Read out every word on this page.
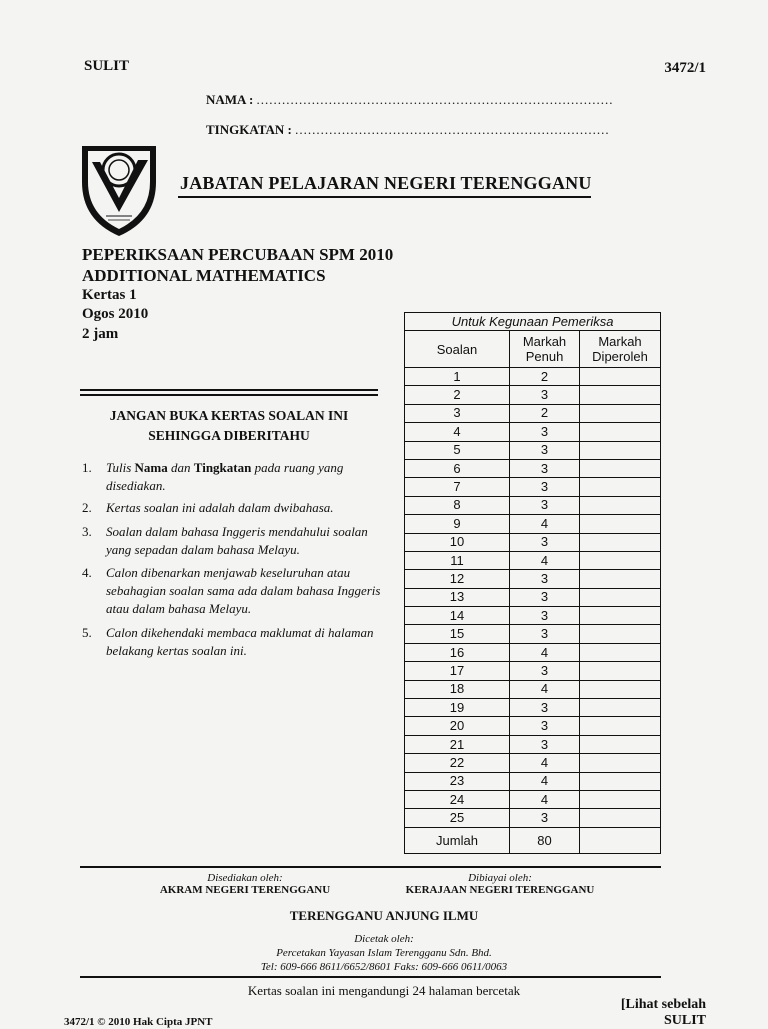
SULIT	3472/1
NAMA : ....................................................................................
TINGKATAN : ..........................................................................
JABATAN PELAJARAN NEGERI TERENGGANU
PEPERIKSAAN PERCUBAAN SPM 2010
ADDITIONAL MATHEMATICS
Kertas 1
Ogos 2010
2 jam
JANGAN BUKA KERTAS SOALAN INI
SEHINGGA DIBERITAHU
1. Tulis Nama dan Tingkatan pada ruang yang disediakan.
2. Kertas soalan ini adalah dalam dwibahasa.
3. Soalan dalam bahasa Inggeris mendahului soalan yang sepadan dalam bahasa Melayu.
4. Calon dibenarkan menjawab keseluruhan atau sebahagian soalan sama ada dalam bahasa Inggeris atau dalam bahasa Melayu.
5. Calon dikehendaki membaca maklumat di halaman belakang kertas soalan ini.
Untuk Kegunaan Pemeriksa		
Soalan	Markah Penuh	Markah Diperoleh
1	2	
2	3	
3	2	
4	3	
5	3	
6	3	
7	3	
8	3	
9	4	
10	3	
11	4	
12	3	
13	3	
14	3	
15	3	
16	4	
17	3	
18	4	
19	3	
20	3	
21	3	
22	4	
23	4	
24	4	
25	3	
Jumlah	80	
Disediakan oleh:
AKRAM NEGERI TERENGGANU
Dibiayai oleh:
KERAJAAN NEGERI TERENGGANU
TERENGGANU ANJUNG ILMU
Dicetak oleh:
Percetakan Yayasan Islam Terengganu Sdn. Bhd.
Tel: 609-666 8611/6652/8601 Faks: 609-666 0611/0063
Kertas soalan ini mengandungi 24 halaman bercetak
[Lihat sebelah
SULIT
3472/1 © 2010 Hak Cipta JPNT
